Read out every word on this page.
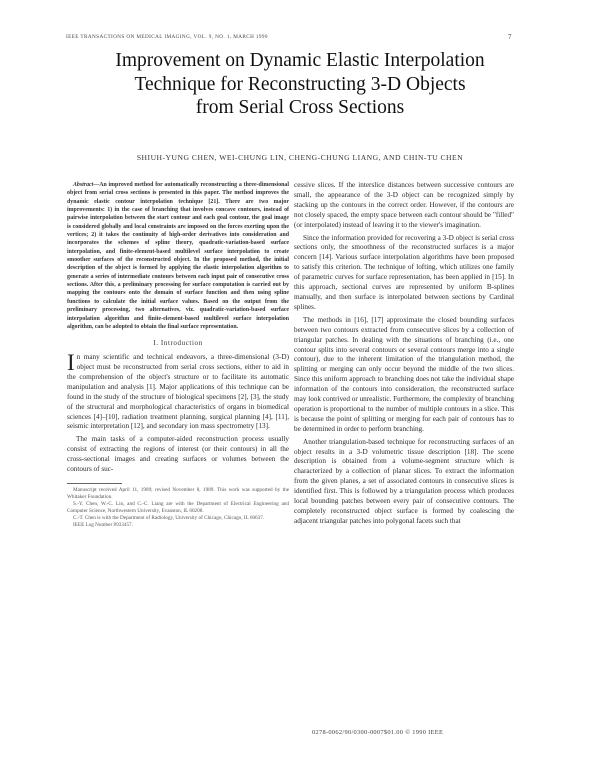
IEEE TRANSACTIONS ON MEDICAL IMAGING, VOL. 9, NO. 1, MARCH 1990	7
Improvement on Dynamic Elastic Interpolation
Technique for Reconstructing 3-D Objects
from Serial Cross Sections
SHIUH-YUNG CHEN, WEI-CHUNG LIN, CHENG-CHUNG LIANG, AND CHIN-TU CHEN

Abstract—An improved method for automatically reconstructing a three-dimensional object from serial cross sections is presented in this paper. The method improves the dynamic elastic contour interpolation technique [21]. There are two major improvements: 1) in the case of branching that involves concave contours, instead of pairwise interpolation between the start contour and each goal contour, the goal image is considered globally and local constraints are imposed on the forces exerting upon the vertices; 2) it takes the continuity of high-order derivatives into consideration and incorporates the schemes of spline theory, quadratic-variation-based surface interpolation, and finite-element-based multilevel surface interpolation to create smoother surfaces of the reconstructed object. In the proposed method, the initial description of the object is formed by applying the elastic interpolation algorithm to generate a series of intermediate contours between each input pair of consecutive cross sections. After this, a preliminary processing for surface computation is carried out by mapping the contours onto the domain of surface function and then using spline functions to calculate the initial surface values. Based on the output from the preliminary processing, two alternatives, viz. quadratic-variation-based surface interpolation algorithm and finite-element-based multilevel surface interpolation algorithm, can be adopted to obtain the final surface representation.

I. Introduction

In many scientific and technical endeavors, a three-dimensional (3-D) object must be reconstructed from serial cross sections, either to aid in the comprehension of the object's structure or to facilitate its automatic manipulation and analysis [1]. Major applications of this technique can be found in the study of the structure of biological specimens [2], [3], the study of the structural and morphological characteristics of organs in biomedical sciences [4]–[10], radiation treatment planning, surgical planning [4], [11], seismic interpretation [12], and secondary ion mass spectrometry [13].

The main tasks of a computer-aided reconstruction process usually consist of extracting the regions of interest (or their contours) in all the cross-sectional images and creating surfaces or volumes between the contours of suc-

Manuscript received April 11, 1989; revised November 8, 1989. This work was supported by the Whitaker Foundation.

S.-Y. Chen, W.-C. Lin, and C.-C. Liang are with the Department of Electrical Engineering and Computer Science, Northwestern University, Evanston, IL 60208.

C.-T. Chen is with the Department of Radiology, University of Chicago, Chicago, IL 60637.

IEEE Log Number 8933457.

cessive slices. If the interslice distances between successive contours are small, the appearance of the 3-D object can be recognized simply by stacking up the contours in the correct order. However, if the contours are not closely spaced, the empty space between each contour should be "filled" (or interpolated) instead of leaving it to the viewer's imagination.

Since the information provided for recovering a 3-D object is serial cross sections only, the smoothness of the reconstructed surfaces is a major concern [14]. Various surface interpolation algorithms have been proposed to satisfy this criterion. The technique of lofting, which utilizes one family of parametric curves for surface representation, has been applied in [15]. In this approach, sectional curves are represented by uniform B-splines manually, and then surface is interpolated between sections by Cardinal splines.

The methods in [16], [17] approximate the closed bounding surfaces between two contours extracted from consecutive slices by a collection of triangular patches. In dealing with the situations of branching (i.e., one contour splits into several contours or several contours merge into a single contour), due to the inherent limitation of the triangulation method, the splitting or merging can only occur beyond the middle of the two slices. Since this uniform approach to branching does not take the individual shape information of the contours into consideration, the reconstructed surface may look contrived or unrealistic. Furthermore, the complexity of branching operation is proportional to the number of multiple contours in a slice. This is because the point of splitting or merging for each pair of contours has to be determined in order to perform branching.

Another triangulation-based technique for reconstructing surfaces of an object results in a 3-D volumetric tissue description [18]. The scene description is obtained from a volume-segment structure which is characterized by a collection of planar slices. To extract the information from the given planes, a set of associated contours in consecutive slices is identified first. This is followed by a triangulation process which produces local bounding patches between every pair of consecutive contours. The completely reconstructed object surface is formed by coalescing the adjacent triangular patches into polygonal facets such that

0278-0062/90/0300-0007$01.00 © 1990 IEEE
